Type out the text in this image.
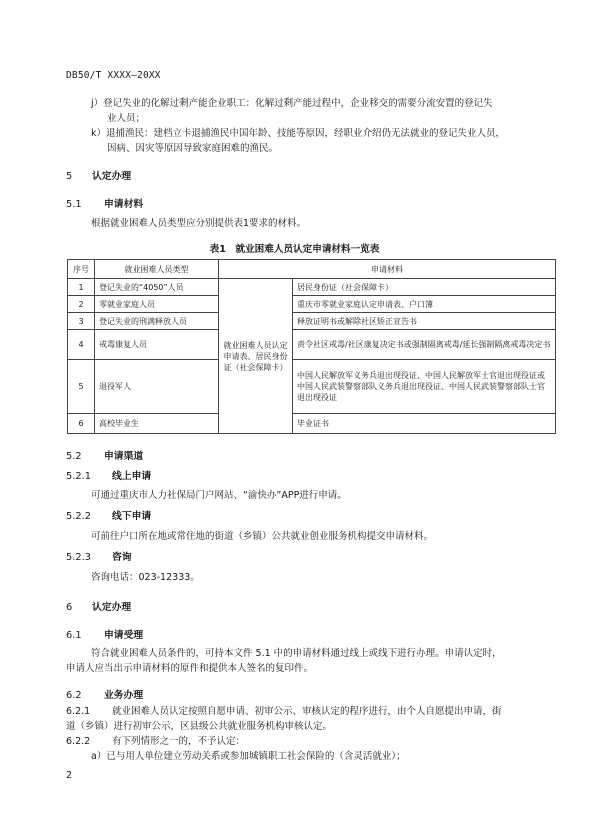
DB50/T XXXX—20XX
j）登记失业的化解过剩产能企业职工：化解过剩产能过程中，企业移交的需要分流安置的登记失
业人员；
k）退捕渔民：建档立卡退捕渔民中国年龄、技能等原因，经职业介绍仍无法就业的登记失业人员，
因病、因灾等原因导致家庭困难的渔民。
5 认定办理
5.1 申请材料
根据就业困难人员类型应分别提供表1要求的材料。
表1　就业困难人员认定申请材料一览表
序号	就业困难人员类型	申请材料	
1	登记失业的“4050”人员	就业困难人员认定申请表、居民身份证（社会保障卡）	居民身份证（社会保障卡）
2	零就业家庭人员		重庆市零就业家庭认定申请表、户口簿
3	登记失业的刑满释放人员		释放证明书或解除社区矫正宣告书
4	戒毒康复人员		责令社区戒毒/社区康复决定书或强制隔离戒毒/延长强制隔离戒毒决定书
5	退役军人		中国人民解放军义务兵退出现役证、中国人民解放军士官退出现役证或中国人民武装警察部队义务兵退出现役证、中国人民武装警察部队士官退出现役证
6	高校毕业生		毕业证书
5.2 申请渠道
5.2.1 线上申请
可通过重庆市人力社保局门户网站、“渝快办”APP进行申请。
5.2.2 线下申请
可前往户口所在地或常住地的街道（乡镇）公共就业创业服务机构提交申请材料。
5.2.3 咨询
咨询电话：023-12333。
6 认定办理
6.1 申请受理
符合就业困难人员条件的，可持本文件 5.1 中的申请材料通过线上或线下进行办理。申请认定时，
申请人应当出示申请材料的原件和提供本人签名的复印件。
6.2 业务办理
6.2.1 就业困难人员认定按照自愿申请、初审公示、审核认定的程序进行，由个人自愿提出申请，街
道（乡镇）进行初审公示，区县级公共就业服务机构审核认定。
6.2.2 有下列情形之一的，不予认定：
a）已与用人单位建立劳动关系或参加城镇职工社会保险的（含灵活就业）；
2
